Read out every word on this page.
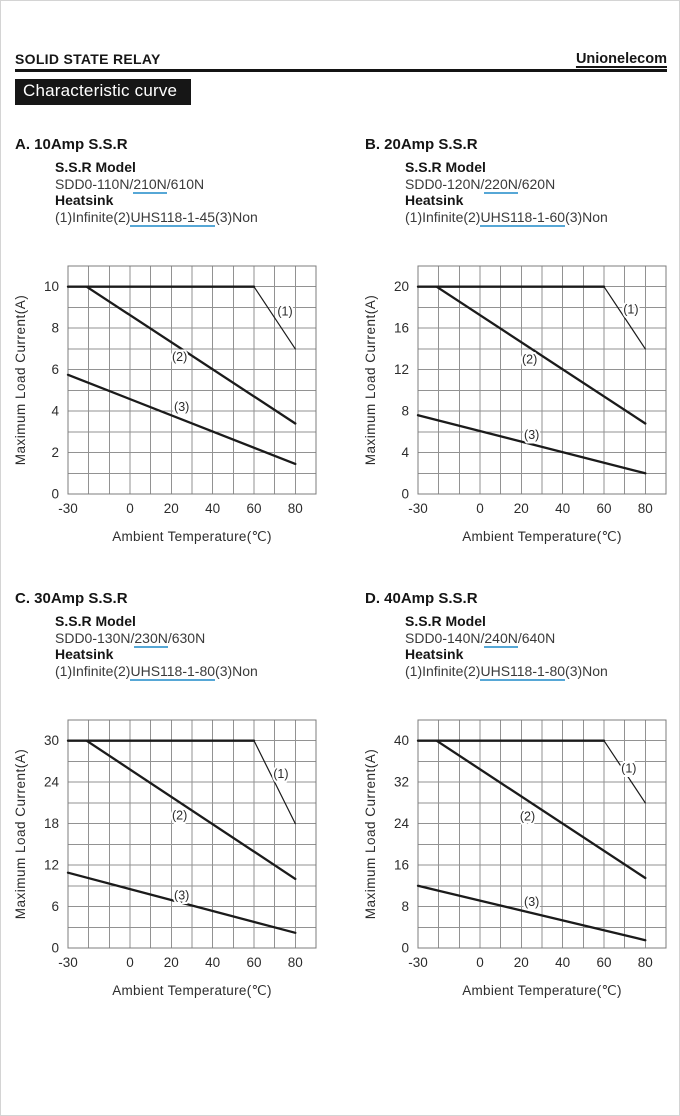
SOLID STATE RELAY	Unionelecom
Characteristic curve
A. 10Amp S.S.R
S.S.R Model
SDD0-110N/210N/610N
Heatsink
(1)Infinite(2)UHS118-1-45(3)Non
-30	0 20 40 60 80
0
2
4
6
8
10
(1)
(2)
(3)
Ambient Temperature(℃)
Maximum Load Current(A)
B. 20Amp S.S.R
S.S.R Model
SDD0-120N/220N/620N
Heatsink
(1)Infinite(2)UHS118-1-60(3)Non
-30	0 20 40 60 80
0
4
8
12
16
20
(1)
(2)
(3)
Ambient Temperature(℃)
Maximum Load Current(A)
C. 30Amp S.S.R
S.S.R Model
SDD0-130N/230N/630N
Heatsink
(1)Infinite(2)UHS118-1-80(3)Non
-30	0 20 40 60 80
0
6
12
18
24
30
(1)
(2)
(3)
Ambient Temperature(℃)
Maximum Load Current(A)
D. 40Amp S.S.R
S.S.R Model
SDD0-140N/240N/640N
Heatsink
(1)Infinite(2)UHS118-1-80(3)Non
-30	0 20 40 60 80
0
8
16
24
32
40
(1)
(2)
(3)
Ambient Temperature(℃)
Maximum Load Current(A)
